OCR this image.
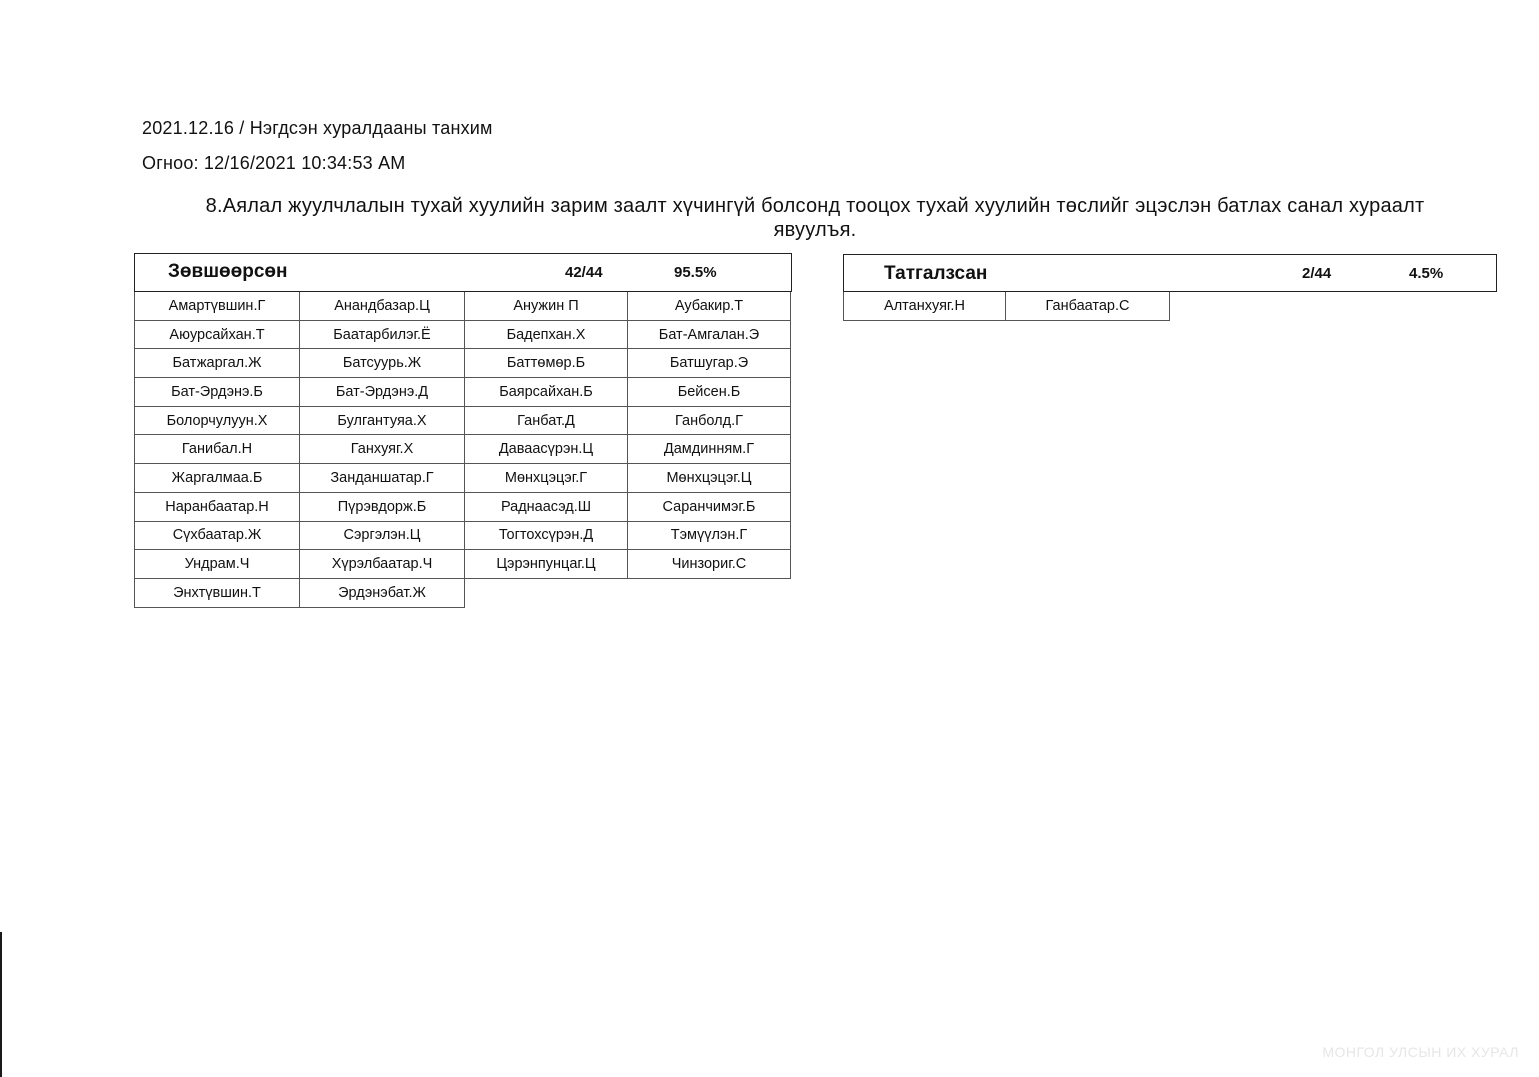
2021.12.16 / Нэгдсэн хуралдааны танхим
Огноо: 12/16/2021 10:34:53 AM
8.Аялал жуулчлалын тухай хуулийн зарим заалт хүчингүй болсонд тооцох тухай хуулийн төслийг эцэслэн батлах санал хураалт явуулъя.
Зөвшөөрсөн	42/44	95.5%
Амартүвшин.Г	Анандбазар.Ц	Анужин П	Аубакир.Т
Аюурсайхан.Т	Баатарбилэг.Ё	Бадепхан.Х	Бат-Амгалан.Э
Батжаргал.Ж	Батсуурь.Ж	Баттөмөр.Б	Батшугар.Э
Бат-Эрдэнэ.Б	Бат-Эрдэнэ.Д	Баярсайхан.Б	Бейсен.Б
Болорчулуун.Х	Булгантуяа.Х	Ганбат.Д	Ганболд.Г
Ганибал.Н	Ганхуяг.Х	Даваасүрэн.Ц	Дамдинням.Г
Жаргалмаа.Б	Занданшатар.Г	Мөнхцэцэг.Г	Мөнхцэцэг.Ц
Наранбаатар.Н	Пүрэвдорж.Б	Раднаасэд.Ш	Саранчимэг.Б
Сүхбаатар.Ж	Сэргэлэн.Ц	Тогтохсүрэн.Д	Тэмүүлэн.Г
Ундрам.Ч	Хүрэлбаатар.Ч	Цэрэнпунцаг.Ц	Чинзориг.С
Энхтүвшин.Т	Эрдэнэбат.Ж
Татгалзсан	2/44	4.5%
Алтанхуяг.Н	Ганбаатар.С
МОНГОЛ УЛСЫН ИХ ХУРАЛ
